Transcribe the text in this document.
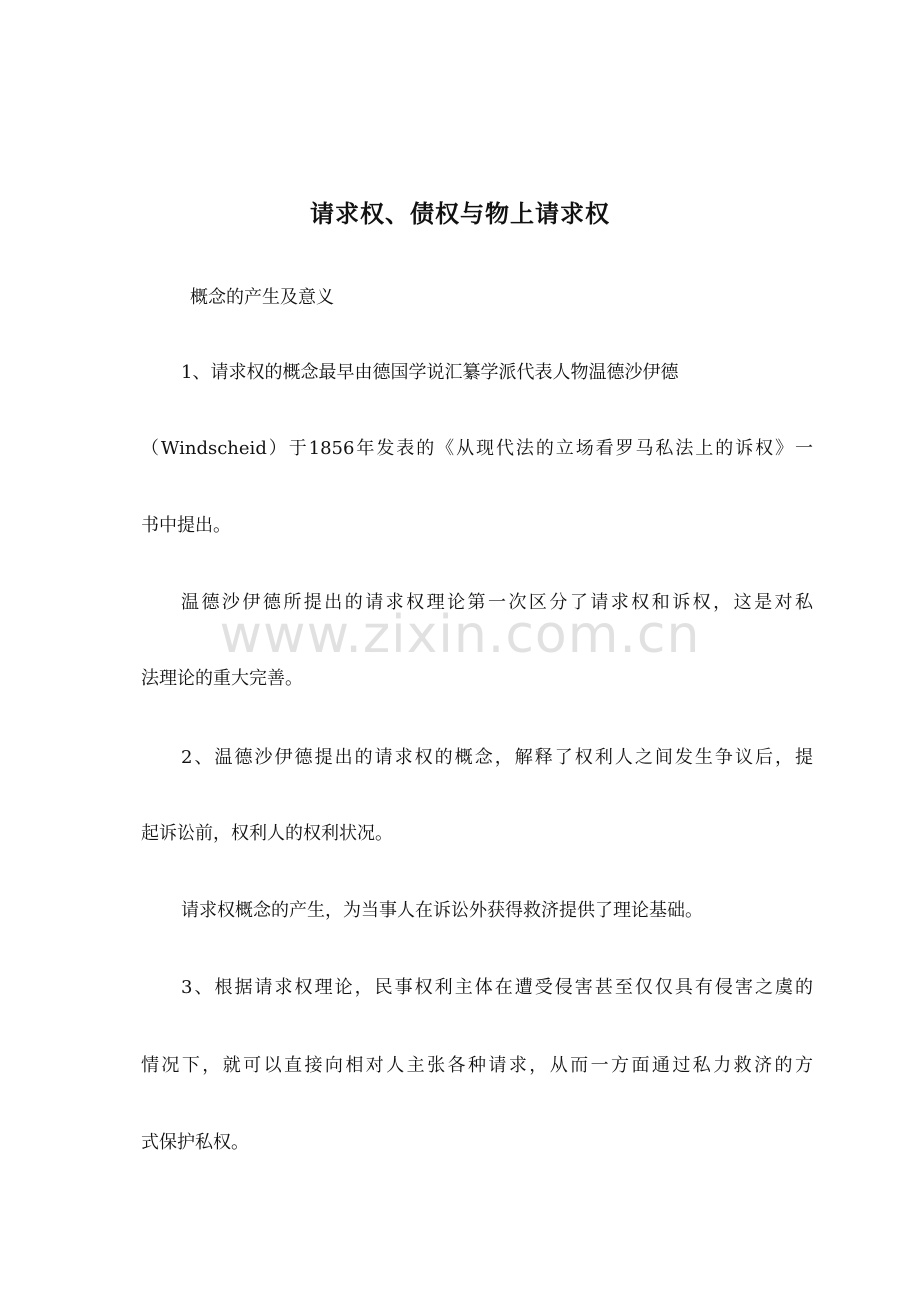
请求权、债权与物上请求权
概念的产生及意义
1、请求权的概念最早由德国学说汇纂学派代表人物温德沙伊德
（Windscheid）于1856年发表的《从现代法的立场看罗马私法上的诉权》一
书中提出。
温德沙伊德所提出的请求权理论第一次区分了请求权和诉权，这是对私
法理论的重大完善。
2、温德沙伊德提出的请求权的概念，解释了权利人之间发生争议后，提
起诉讼前，权利人的权利状况。
请求权概念的产生，为当事人在诉讼外获得救济提供了理论基础。
3、根据请求权理论，民事权利主体在遭受侵害甚至仅仅具有侵害之虞的
情况下，就可以直接向相对人主张各种请求，从而一方面通过私力救济的方
式保护私权。
www.zixin.com.cn
